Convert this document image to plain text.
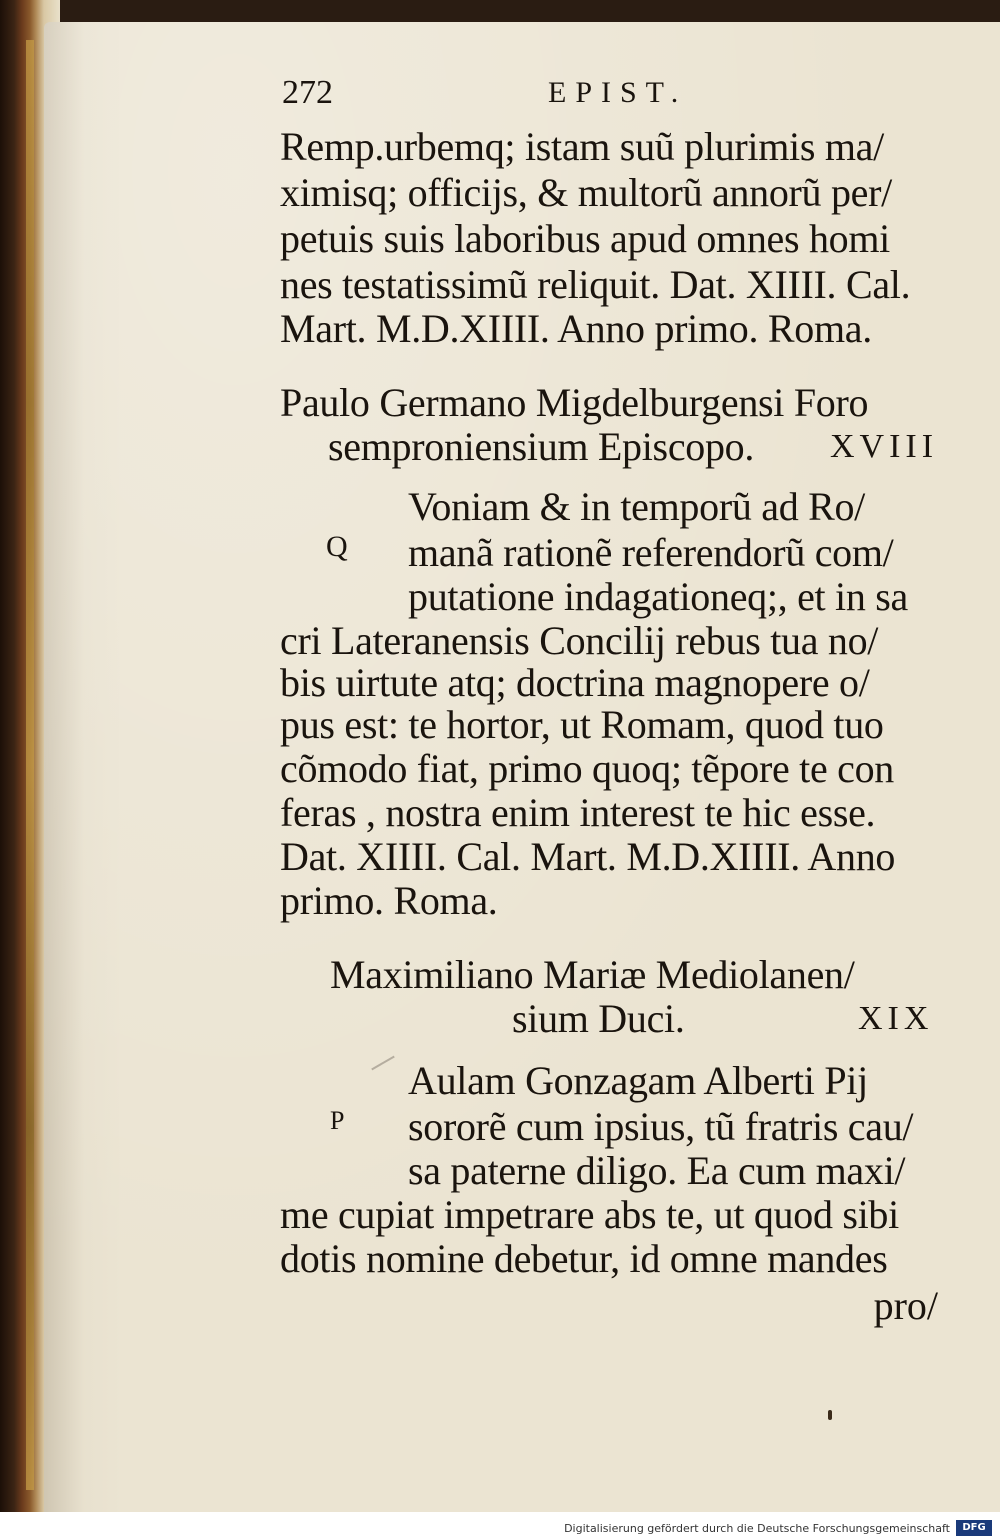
272	EPIST.
Remp.urbemq; istam suũ plurimis ma/
ximisq; officijs, & multorũ annorũ per/
petuis suis laboribus apud omnes homi
nes testatissimũ reliquit. Dat. XIIII. Cal.
Mart. M.D.XIIII. Anno primo. Roma.
Paulo Germano Migdelburgensi Foro
semproniensium Episcopo. XVIII
Voniam & in temporũ ad Ro/
Q manã rationẽ referendorũ com/
putatione indagationeq;, et in sa
cri Lateranensis Concilij rebus tua no/
bis uirtute atq; doctrina magnopere o/
pus est: te hortor, ut Romam, quod tuo
cõmodo fiat, primo quoq; tẽpore te con
feras , nostra enim interest te hic esse.
Dat. XIIII. Cal. Mart. M.D.XIIII. Anno
primo. Roma.
Maximiliano Mariæ Mediolanen/
sium Duci.	XIX
Aulam Gonzagam Alberti Pij
P sororẽ cum ipsius, tũ fratris cau/
sa paterne diligo. Ea cum maxi/
me cupiat impetrare abs te, ut quod sibi
dotis nomine debetur, id omne mandes
pro/
Digitalisierung gefördert durch die Deutsche Forschungsgemeinschaft	DFG
